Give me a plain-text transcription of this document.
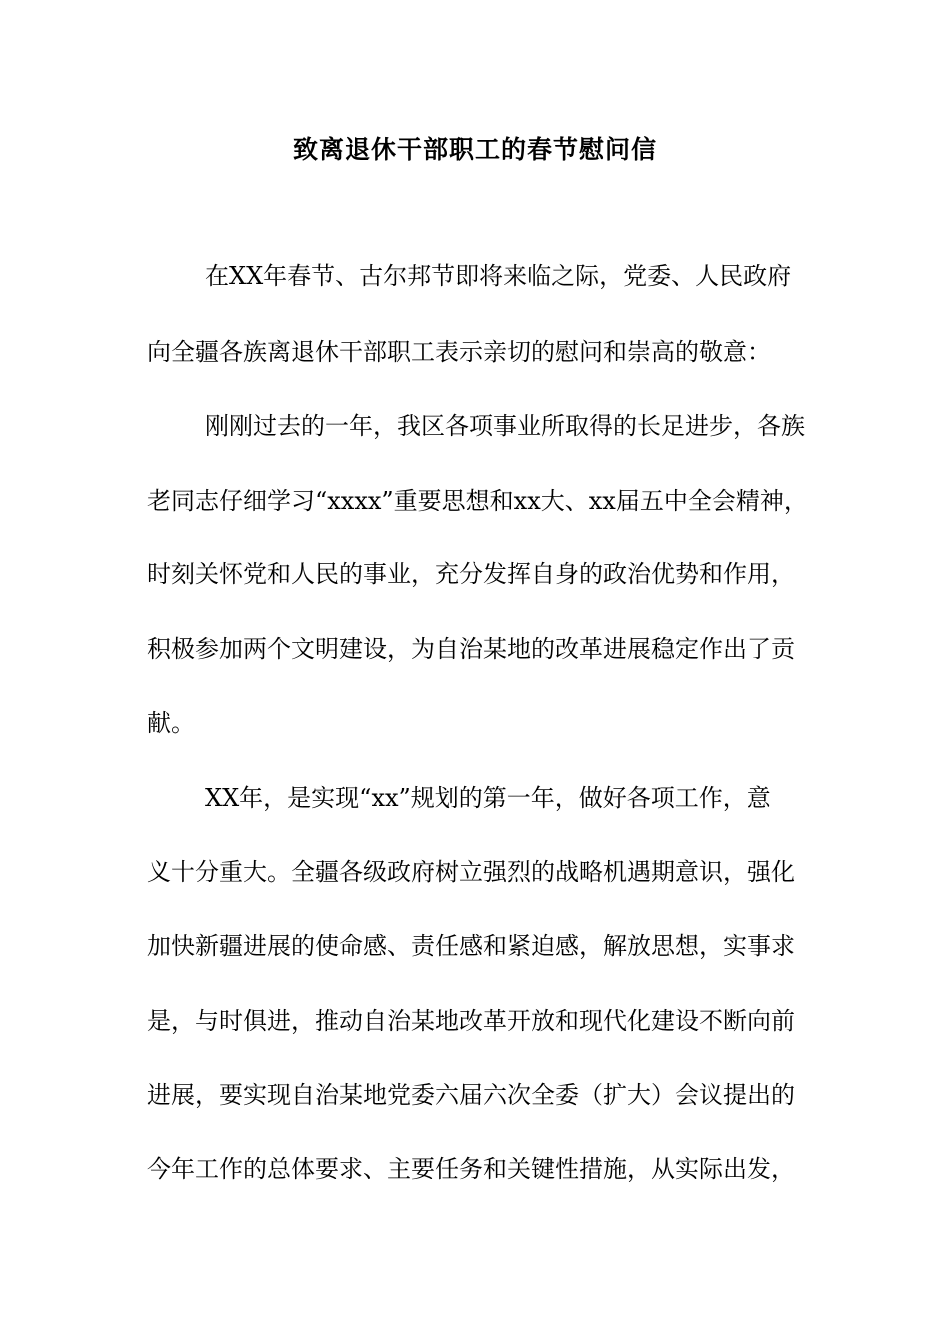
致离退休干部职工的春节慰问信

在XX年春节、古尔邦节即将来临之际，党委、人民政府

向全疆各族离退休干部职工表示亲切的慰问和崇高的敬意：

刚刚过去的一年，我区各项事业所取得的长足进步，各族

老同志仔细学习“xxxx”重要思想和xx大、xx届五中全会精神，

时刻关怀党和人民的事业，充分发挥自身的政治优势和作用，

积极参加两个文明建设，为自治某地的改革进展稳定作出了贡

献。

XX年，是实现“xx”规划的第一年，做好各项工作，意

义十分重大。全疆各级政府树立强烈的战略机遇期意识，强化

加快新疆进展的使命感、责任感和紧迫感，解放思想，实事求

是，与时俱进，推动自治某地改革开放和现代化建设不断向前

进展，要实现自治某地党委六届六次全委（扩大）会议提出的

今年工作的总体要求、主要任务和关键性措施，从实际出发，
